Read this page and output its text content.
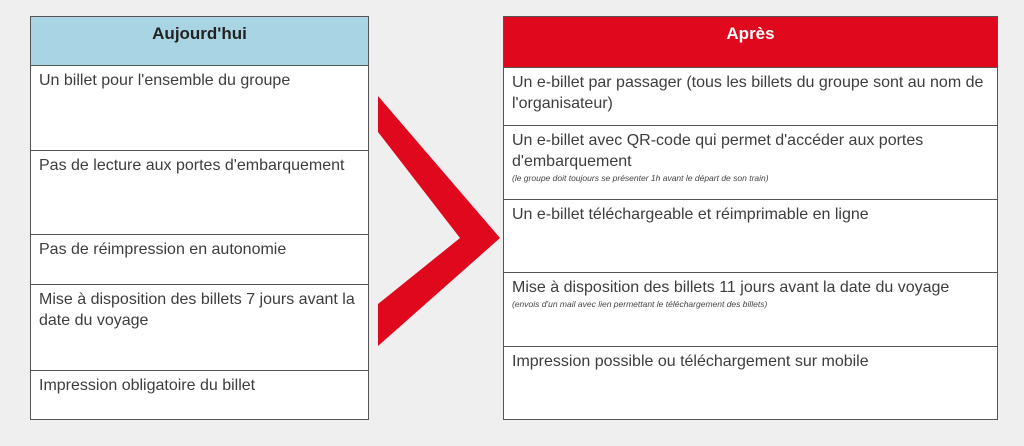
Aujourd'hui
Un billet pour l'ensemble du groupe
Pas de lecture aux portes d'embarquement
Pas de réimpression en autonomie
Mise à disposition des billets 7 jours avant la date du voyage
Impression obligatoire du billet
Après
Un e-billet par passager (tous les billets du groupe sont au nom de l'organisateur)
Un e-billet avec QR-code qui permet d'accéder aux portes d'embarquement
(le groupe doit toujours se présenter 1h avant le départ de son train)
Un e-billet téléchargeable et réimprimable en ligne
Mise à disposition des billets 11 jours avant la date du voyage
(envois d'un mail avec lien permettant le téléchargement des billets)
Impression possible ou téléchargement sur mobile
